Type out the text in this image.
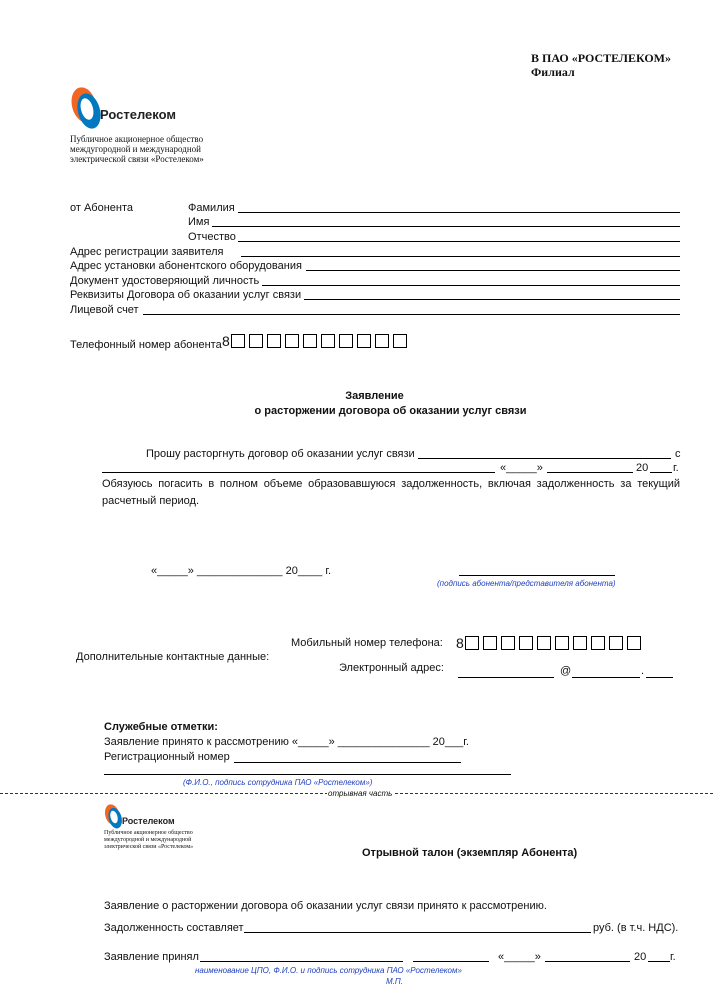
В ПАО «РОСТЕЛЕКОМ»
Филиал
Ростелеком
Публичное акционерное общество
междугородной и международной
электрической связи «Ростелеком»
от Абонента	Фамилия
Имя
Отчество
Адрес регистрации заявителя
Адрес установки абонентского оборудования
Документ удостоверяющий личность
Реквизиты Договора об оказании услуг связи
Лицевой счет
Телефонный номер абонента 8
Заявление
о расторжении договора об оказании услуг связи
Прошу расторгнуть договор об оказании услуг связи	с
«_____»	20 г.
Обязуюсь погасить в полном объеме образовавшуюся задолженность, включая задолженность за текущий расчетный период.
«_____» ______________ 20____ г.
(подпись абонента/представителя абонента)
Мобильный номер телефона: 8
Дополнительные контактные данные:
Электронный адрес:	@	.
Служебные отметки:
Заявление принято к рассмотрению «_____» _______________ 20___г.
Регистрационный номер
(Ф.И.О., подпись сотрудника ПАО «Ростелеком»)
отрывная часть
Ростелеком
Публичное акционерное общество
междугородной и международной
электрической связи «Ростелеком»	Отрывной талон (экземпляр Абонента)
Заявление о расторжении договора об оказании услуг связи принято к рассмотрению.
Задолженность составляет	руб. (в т.ч. НДС).
Заявление принял	«_____»	20 г.
наименование ЦПО, Ф.И.О. и подпись сотрудника ПАО «Ростелеком»
М.П.
